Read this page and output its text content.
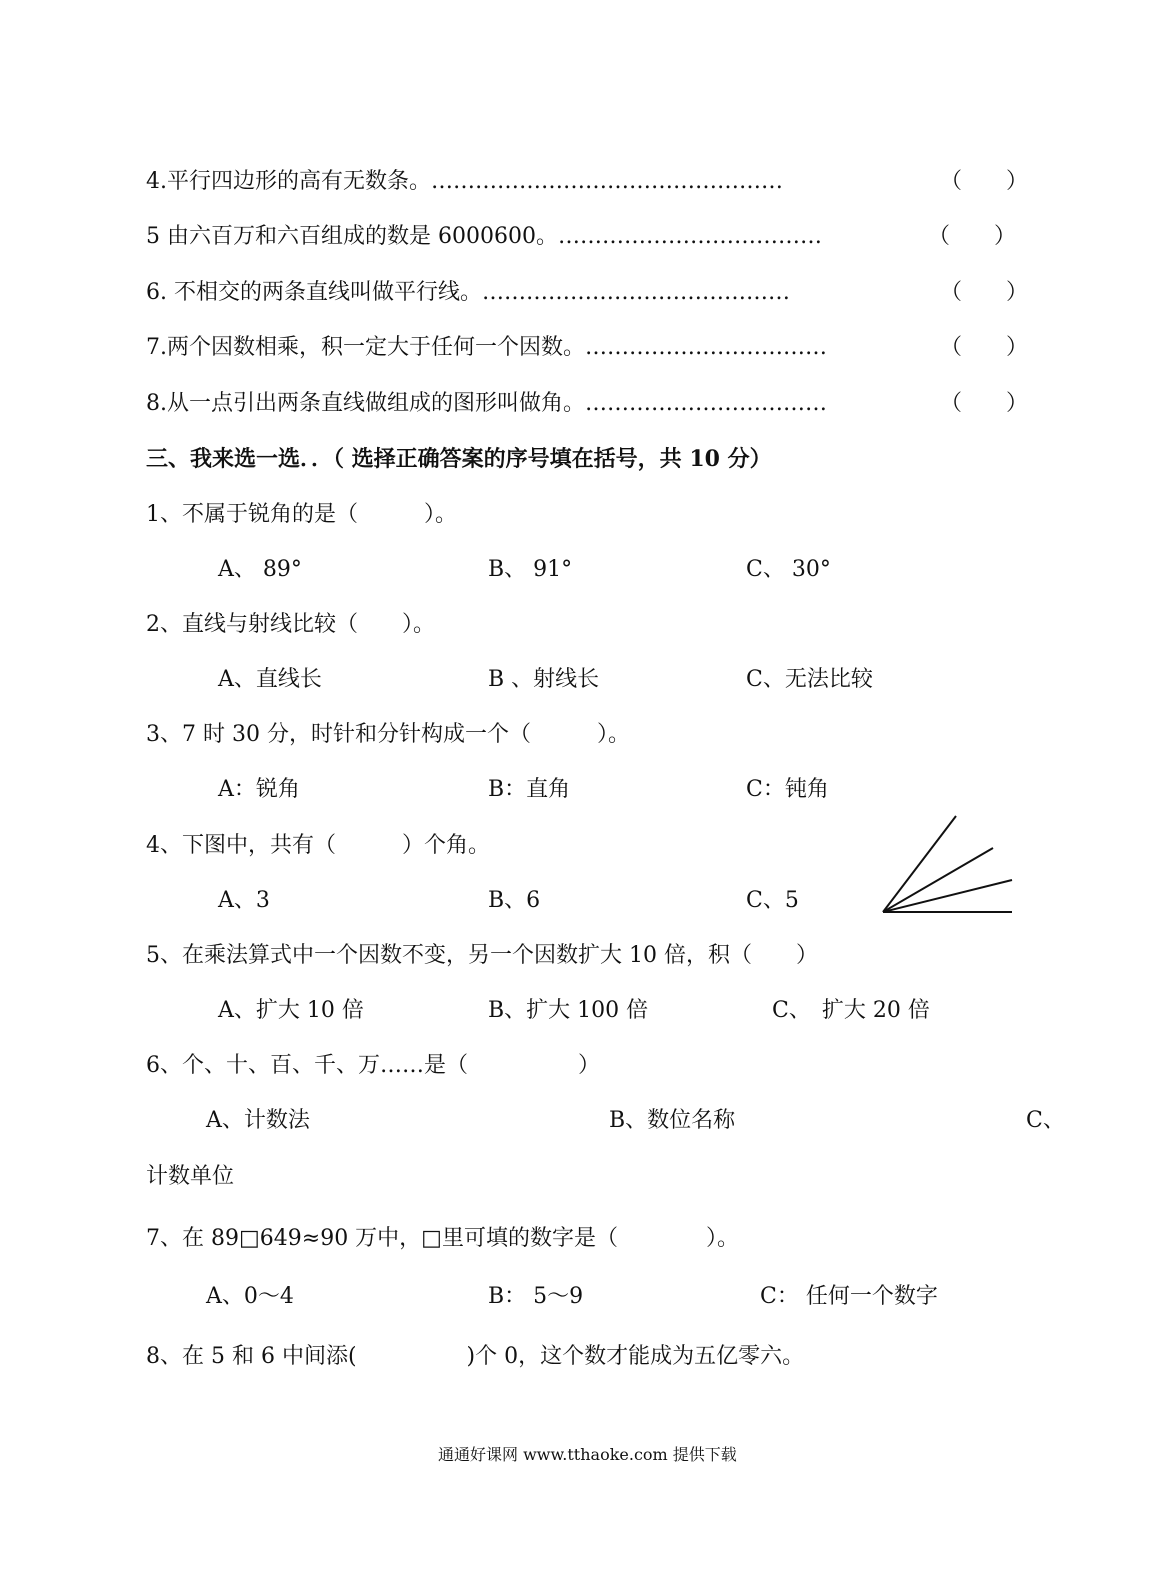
4.平行四边形的高有无数条。…………………………………………	（　　）
5 由六百万和六百组成的数是 6000600。………………………………	（　　）
6. 不相交的两条直线叫做平行线。……………………………………	（　　）
7.两个因数相乘，积一定大于任何一个因数。……………………………	（　　）
8.从一点引出两条直线做组成的图形叫做角。……………………………	（　　）
三、我来选一选．．（ 选择正确答案的序号填在括号，共 10 分）
1、不属于锐角的是（　　　）。
A、 89°	B、 91°	C、 30°
2、直线与射线比较（　　）。
A、直线长	B 、射线长	C、无法比较
3、7 时 30 分，时针和分针构成一个（　　　）。
A：锐角	B：直角	C：钝角
4、下图中，共有（　　　）个角。
A、3	B、6	C、5
5、在乘法算式中一个因数不变，另一个因数扩大 10 倍，积（　　）
A、扩大 10 倍	B、扩大 100 倍	C、　扩大 20 倍
6、个、十、百、千、万……是（　　　　　）
A、计数法	B、数位名称	C、
计数单位
7、在 89□649≈90 万中，□里可填的数字是（　　　　）。
A、0～4	B： 5～9	C： 任何一个数字
8、在 5 和 6 中间添(　　　　　)个 0，这个数才能成为五亿零六。
通通好课网 www.tthaoke.com 提供下载
